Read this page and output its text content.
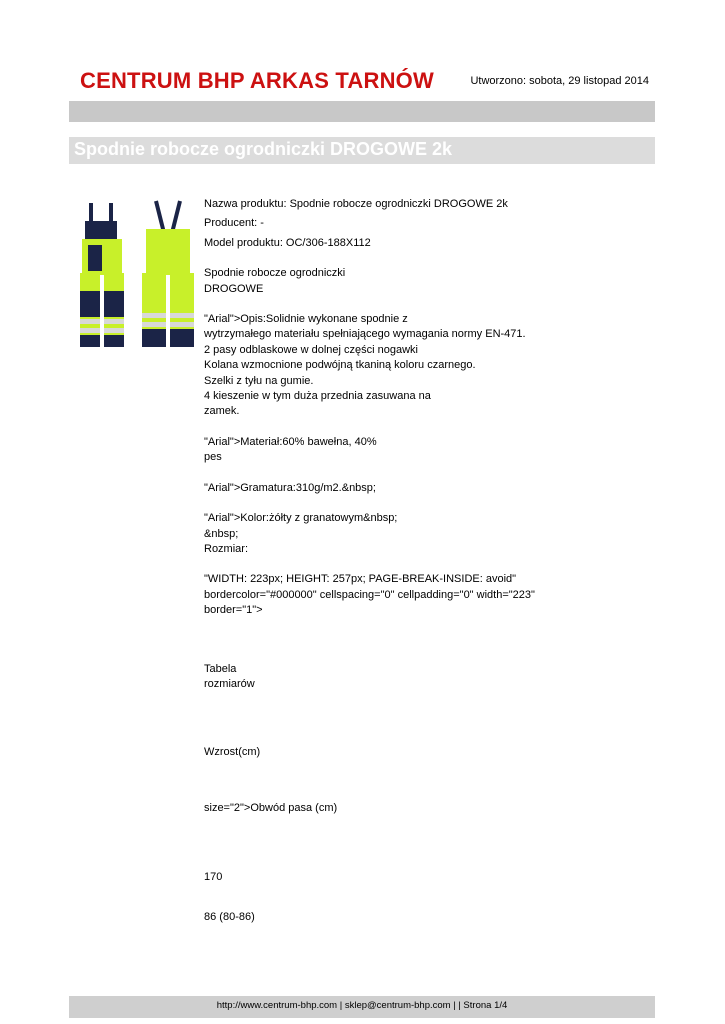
CENTRUM BHP ARKAS TARNÓW	Utworzono: sobota, 29 listopad 2014
Spodnie robocze ogrodniczki DROGOWE 2k

Nazwa produktu: Spodnie robocze ogrodniczki DROGOWE 2k

Producent: -

Model produktu: OC/306-188X112

Spodnie robocze ogrodniczki
DROGOWE

"Arial">Opis:Solidnie wykonane spodnie z
wytrzymałego materiału spełniającego wymagania normy EN-471.
2 pasy odblaskowe w dolnej części nogawki
Kolana wzmocnione podwójną tkaniną koloru czarnego.
Szelki z tyłu na gumie.
4 kieszenie w tym duża przednia zasuwana na
zamek.

"Arial">Materiał:60% bawełna, 40%
pes

"Arial">Gramatura:310g/m2.&nbsp;

"Arial">Kolor:żółty z granatowym&nbsp;
&nbsp;
Rozmiar:

"WIDTH: 223px; HEIGHT: 257px; PAGE-BREAK-INSIDE: avoid"
bordercolor="#000000" cellspacing="0" cellpadding="0" width="223"
border="1">

Tabela
rozmiarów
Wzrost(cm)
size="2">Obwód pasa (cm)
170
86 (80-86)
http://www.centrum-bhp.com | sklep@centrum-bhp.com | | Strona 1/4
